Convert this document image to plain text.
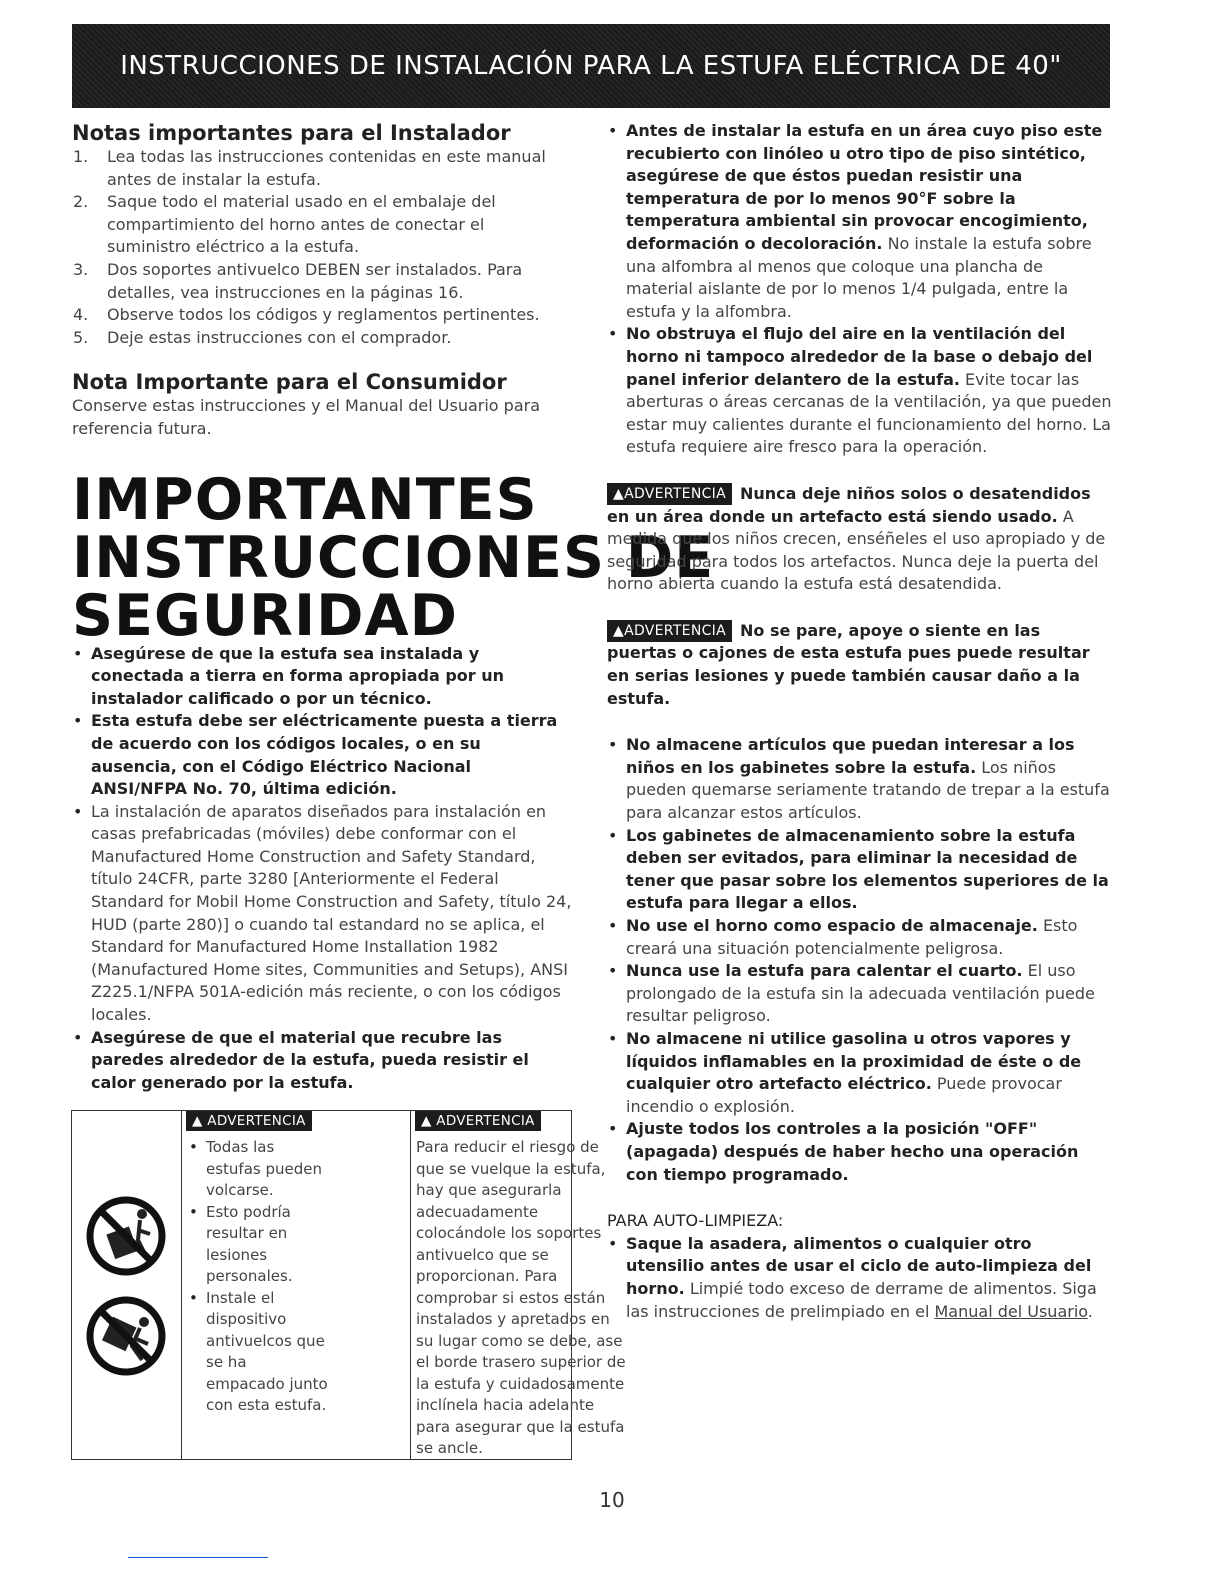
INSTRUCCIONES DE INSTALACIÓN PARA LA ESTUFA ELÉCTRICA DE 40"
Notas importantes para el Instalador
1.	Lea todas las instrucciones contenidas en este manual antes de instalar la estufa.
2.	Saque todo el material usado en el embalaje del compartimiento del horno antes de conectar el suministro eléctrico a la estufa.
3.	Dos soportes antivuelco DEBEN ser instalados. Para detalles, vea instrucciones en la páginas 16.
4.	Observe todos los códigos y reglamentos pertinentes.
5.	Deje estas instrucciones con el comprador.
Nota Importante para el Consumidor
Conserve estas instrucciones y el Manual del Usuario para referencia futura.
IMPORTANTES
INSTRUCCIONES DE
SEGURIDAD
• Asegúrese de que la estufa sea instalada y conectada a tierra en forma apropiada por un instalador calificado o por un técnico.
• Esta estufa debe ser eléctricamente puesta a tierra de acuerdo con los códigos locales, o en su ausencia, con el Código Eléctrico Nacional ANSI/NFPA No. 70, última edición.
• La instalación de aparatos diseñados para instalación en casas prefabricadas (móviles) debe conformar con el Manufactured Home Construction and Safety Standard, título 24CFR, parte 3280 [Anteriormente el Federal Standard for Mobil Home Construction and Safety, título 24, HUD (parte 280)] o cuando tal estandard no se aplica, el Standard for Manufactured Home Installation 1982 (Manufactured Home sites, Communities and Setups), ANSI Z225.1/NFPA 501A-edición más reciente, o con los códigos locales.
• Asegúrese de que el material que recubre las paredes alrededor de la estufa, pueda resistir el calor generado por la estufa.
▲ ADVERTENCIA
• Todas las estufas pueden volcarse.
• Esto podría resultar en lesiones personales.
• Instale el dispositivo antivuelcos que se ha empacado junto con esta estufa.
▲ ADVERTENCIA
Para reducir el riesgo de que se vuelque la estufa, hay que asegurarla adecuadamente colocándole los soportes antivuelco que se proporcionan. Para comprobar si estos están instalados y apretados en su lugar como se debe, ase el borde trasero superior de la estufa y cuidadosamente inclínela hacia adelante para asegurar que la estufa se ancle.
• Antes de instalar la estufa en un área cuyo piso este recubierto con linóleo u otro tipo de piso sintético, asegúrese de que éstos puedan resistir una temperatura de por lo menos 90°F sobre la temperatura ambiental sin provocar encogimiento, deformación o decoloración. No instale la estufa sobre una alfombra al menos que coloque una plancha de material aislante de por lo menos 1/4 pulgada, entre la estufa y la alfombra.
• No obstruya el flujo del aire en la ventilación del horno ni tampoco alrededor de la base o debajo del panel inferior delantero de la estufa. Evite tocar las aberturas o áreas cercanas de la ventilación, ya que pueden estar muy calientes durante el funcionamiento del horno. La estufa requiere aire fresco para la operación.
▲ADVERTENCIA Nunca deje niños solos o desatendidos en un área donde un artefacto está siendo usado. A medida que los niños crecen, enséñeles el uso apropiado y de seguridad para todos los artefactos. Nunca deje la puerta del horno abierta cuando la estufa está desatendida.
▲ADVERTENCIA No se pare, apoye o siente en las puertas o cajones de esta estufa pues puede resultar en serias lesiones y puede también causar daño a la estufa.
• No almacene artículos que puedan interesar a los niños en los gabinetes sobre la estufa. Los niños pueden quemarse seriamente tratando de trepar a la estufa para alcanzar estos artículos.
• Los gabinetes de almacenamiento sobre la estufa deben ser evitados, para eliminar la necesidad de tener que pasar sobre los elementos superiores de la estufa para llegar a ellos.
• No use el horno como espacio de almacenaje. Esto creará una situación potencialmente peligrosa.
• Nunca use la estufa para calentar el cuarto. El uso prolongado de la estufa sin la adecuada ventilación puede resultar peligroso.
• No almacene ni utilice gasolina u otros vapores y líquidos inflamables en la proximidad de éste o de cualquier otro artefacto eléctrico. Puede provocar incendio o explosión.
• Ajuste todos los controles a la posición "OFF" (apagada) después de haber hecho una operación con tiempo programado.
PARA AUTO-LIMPIEZA:
• Saque la asadera, alimentos o cualquier otro utensilio antes de usar el ciclo de auto-limpieza del horno. Limpié todo exceso de derrame de alimentos. Siga las instrucciones de prelimpiado en el Manual del Usuario.
10
